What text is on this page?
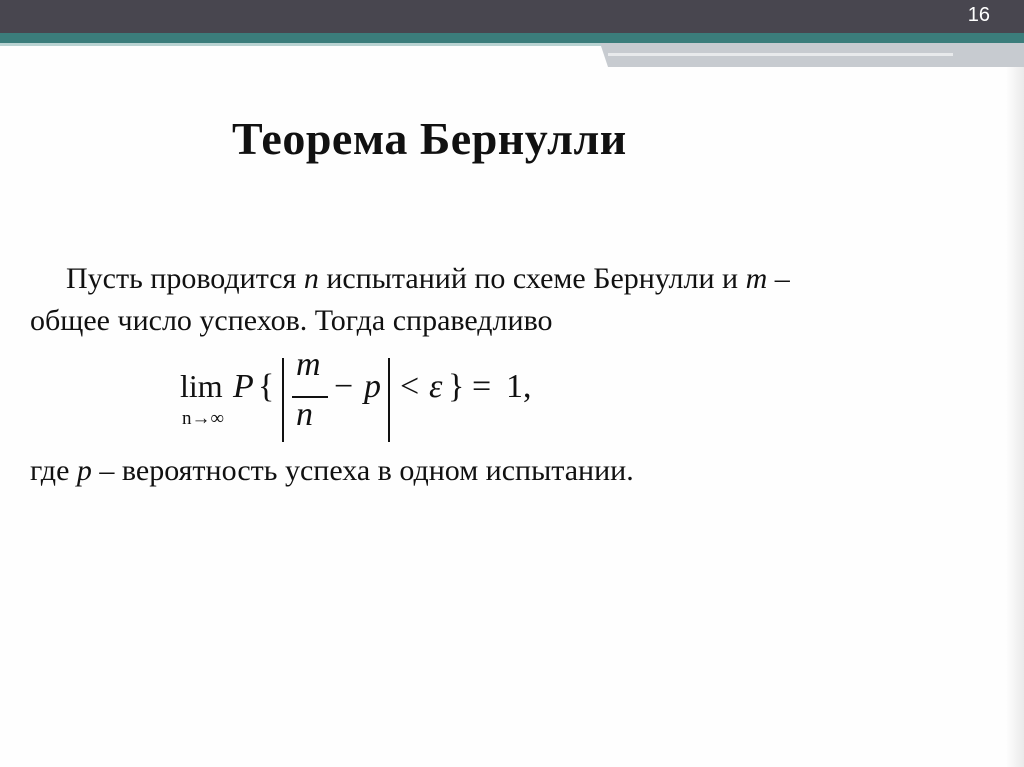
16
Теорема Бернулли
Пусть проводится n испытаний по схеме Бернулли и m –
общее число успехов. Тогда справедливо
lim
n→∞
P {
m
n
− p < ε } = 1,
где p – вероятность успеха в одном испытании.
